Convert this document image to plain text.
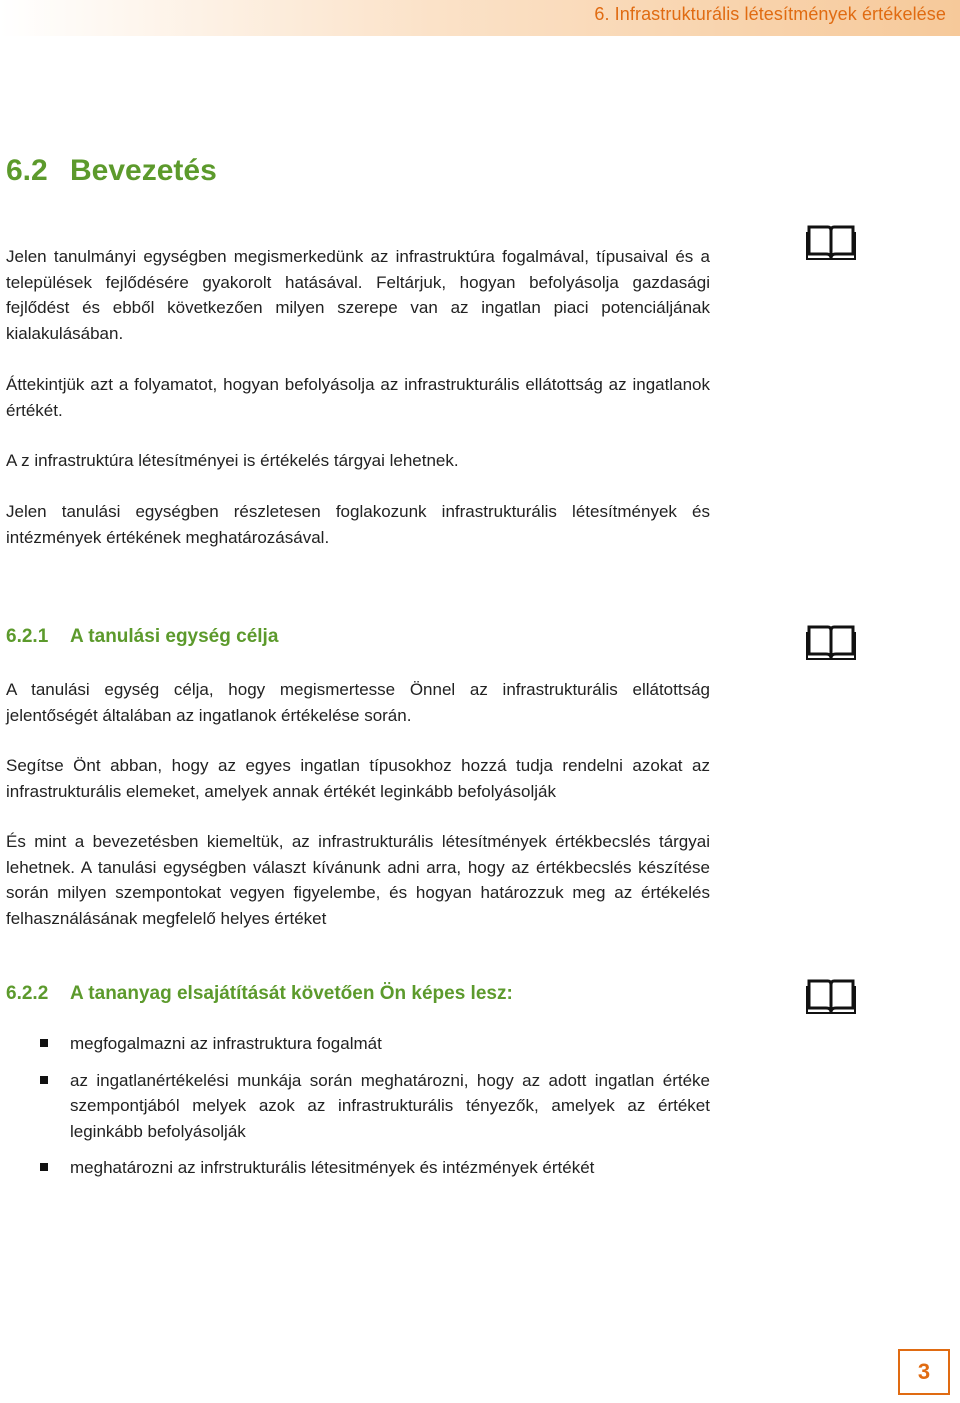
6. Infrastrukturális létesítmények értékelése
6.2 Bevezetés
Jelen tanulmányi egységben megismerkedünk az infrastruktúra fogalmával, típusaival és a települések fejlődésére gyakorolt hatásával. Feltárjuk, hogyan befolyásolja gazdasági fejlődést és ebből következően milyen szerepe van az ingatlan piaci potenciáljának kialakulásában.
Áttekintjük azt a folyamatot, hogyan befolyásolja az infrastrukturális ellátottság az ingatlanok értékét.
A z infrastruktúra létesítményei is értékelés tárgyai lehetnek.
Jelen tanulási egységben részletesen foglakozunk infrastrukturális létesítmények és intézmények értékének meghatározásával.
6.2.1 A tanulási egység célja
A tanulási egység célja, hogy megismertesse Önnel az infrastrukturális ellátottság jelentőségét általában az ingatlanok értékelése során.
Segítse Önt abban, hogy az egyes ingatlan típusokhoz hozzá tudja rendelni azokat az infrastrukturális elemeket, amelyek annak értékét leginkább befolyásolják
És mint a bevezetésben kiemeltük, az infrastrukturális létesítmények értékbecslés tárgyai lehetnek. A tanulási egységben választ kívánunk adni arra, hogy az értékbecslés készítése során milyen szempontokat vegyen figyelembe, és hogyan határozzuk meg az értékelés felhasználásának megfelelő helyes értéket
6.2.2 A tananyag elsajátítását követően Ön képes lesz:
megfogalmazni az infrastruktura fogalmát
az ingatlanértékelési munkája során meghatározni, hogy az adott ingatlan értéke szempontjából melyek azok az infrastrukturális tényezők, amelyek az értéket leginkább befolyásolják
meghatározni az infrstrukturális létesitmények és intézmények értékét
3
